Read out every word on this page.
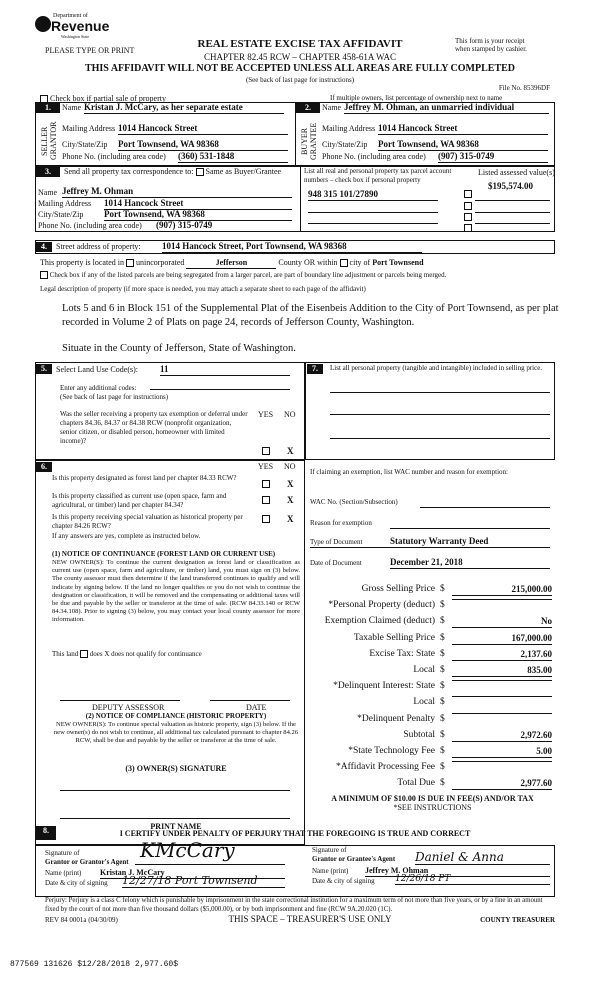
Department of
Revenue
Washington State
PLEASE TYPE OR PRINT
REAL ESTATE EXCISE TAX AFFIDAVIT
CHAPTER 82.45 RCW – CHAPTER 458-61A WAC
THIS AFFIDAVIT WILL NOT BE ACCEPTED UNLESS ALL AREAS ARE FULLY COMPLETED
(See back of last page for instructions)
This form is your receipt
when stamped by cashier.
File No. 85396DF
Check box if partial sale of property	If multiple owners, list percentage of ownership next to name
1.	2.
SELLER GRANTOR	BUYER GRANTEE
Name Kristan J. McCary, as her separate estate
Mailing Address 1014 Hancock Street
City/State/Zip Port Townsend, WA 98368
Phone No. (including area code) (360) 531-1848
Name Jeffrey M. Ohman, an unmarried individual
Mailing Address 1014 Hancock Street
City/State/Zip Port Townsend, WA 98368
Phone No. (including area code) (907) 315-0749
3.	Send all property tax correspondence to: Same as Buyer/Grantee
Name Jeffrey M. Ohman
Mailing Address 1014 Hancock Street
City/State/Zip Port Townsend, WA 98368
Phone No. (including area code) (907) 315-0749
List all real and personal property tax parcel account numbers – check box if personal property
Listed assessed value(s)
$195,574.00
948 315 101/27890
4.	Street address of property: 1014 Hancock Street, Port Townsend, WA 98368
This property is located in unincorporated	Jefferson	County OR within city of Port Townsend
Check box if any of the listed parcels are being segregated from a larger parcel, are part of boundary line adjustment or parcels being merged.
Legal description of property (if more space is needed, you may attach a separate sheet to each page of the affidavit)
Lots 5 and 6 in Block 151 of the Supplemental Plat of the Eisenbeis Addition to the City of Port Townsend, as per plat
recorded in Volume 2 of Plats on page 24, records of Jefferson County, Washington.
Situate in the County of Jefferson, State of Washington.
5.	Select Land Use Code(s): 11
Enter any additional codes:
(See back of last page for instructions)
YES NO
Was the seller receiving a property tax exemption or deferral under chapters 84.36, 84.37 or 84.38 RCW (nonprofit organization, senior citizen, or disabled person, homeowner with limited income)?
X
6.	YES NO
Is this property designated as forest land per chapter 84.33 RCW?
X
Is this property classified as current use (open space, farm and agricultural, or timber) land per chapter 84.34?	X
Is this property receiving special valuation as historical property per chapter 84.26 RCW?
X
If any answers are yes, complete as instructed below.
(1) NOTICE OF CONTINUANCE (FOREST LAND OR CURRENT USE)
NEW OWNER(S): To continue the current designation as forest land or classification as current use (open space, farm and agriculture, or timber) land, you must sign on (3) below. The county assessor must then determine if the land transferred continues to qualify and will indicate by signing below. If the land no longer qualifies or you do not wish to continue the designation or classification, it will be removed and the compensating or additional taxes will be due and payable by the seller or transferor at the time of sale. (RCW 84.33.140 or RCW 84.34.108). Prior to signing (3) below, you may contact your local county assessor for more information.
This land does X does not qualify for continuance
DEPUTY ASSESSOR	DATE
(2) NOTICE OF COMPLIANCE (HISTORIC PROPERTY)
NEW OWNER(S): To continue special valuation as historic property, sign (3) below. If the new owner(s) do not wish to continue, all additional tax calculated pursuant to chapter 84.26 RCW, shall be due and payable by the seller or transferor at the time of sale.
(3) OWNER(S) SIGNATURE
PRINT NAME
7.	List all personal property (tangible and intangible) included in selling price.
If claiming an exemption, list WAC number and reason for exemption:
WAC No. (Section/Subsection)
Reason for exemption
Type of Document	Statutory Warranty Deed
Date of Document	December 21, 2018
Gross Selling Price $	215,000.00
*Personal Property (deduct) $
Exemption Claimed (deduct) $	No
Taxable Selling Price $	167,000.00
Excise Tax: State $	2,137.60
Local $	835.00
*Delinquent Interest: State $
Local $
*Delinquent Penalty $
Subtotal $	2,972.60
*State Technology Fee $	5.00
*Affidavit Processing Fee $
Total Due $	2,977.60
A MINIMUM OF $10.00 IS DUE IN FEE(S) AND/OR TAX
*SEE INSTRUCTIONS
8.	I CERTIFY UNDER PENALTY OF PERJURY THAT THE FOREGOING IS TRUE AND CORRECT
Signature of
Grantor or Grantor's Agent KMcCary
Name (print) Kristan J. McCary
Date & city of signing 12/27/18 Port Townsend
Signature of
Grantor or Grantee's Agent Daniel & Anna
Name (print) Jeffrey M. Ohman
Date & city of signing 12/26/18 PT
Perjury: Perjury is a class C felony which is punishable by imprisonment in the state correctional institution for a maximum term of not more than five years, or by a fine in an amount fixed by the court of not more than five thousand dollars ($5,000.00), or by both imprisonment and fine (RCW 9A.20.020 (1C).
REV 84 0001a (04/30/09)	THIS SPACE – TREASURER'S USE ONLY	COUNTY TREASURER
877569 131626 $12/28/2018 2,977.60$
